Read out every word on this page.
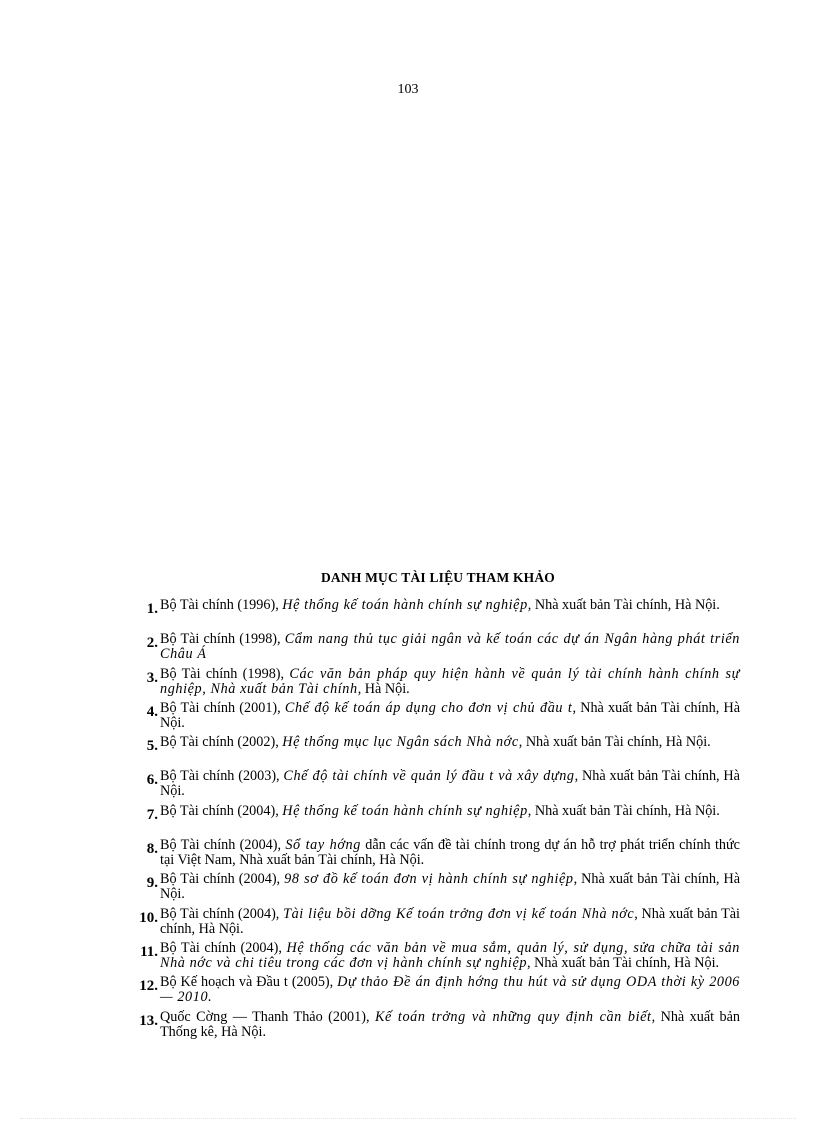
103
DANH MỤC TÀI LIỆU THAM KHẢO
1. Bộ Tài chính (1996), Hệ thống kế toán hành chính sự nghiệp, Nhà xuất bản Tài chính, Hà Nội.
2. Bộ Tài chính (1998), Cẩm nang thủ tục giải ngân và kế toán các dự án Ngân hàng phát triển Châu Á
3. Bộ Tài chính (1998), Các văn bản pháp quy hiện hành về quản lý tài chính hành chính sự nghiệp, Nhà xuất bản Tài chính, Hà Nội.
4. Bộ Tài chính (2001), Chế độ kế toán áp dụng cho đơn vị chủ đầu t, Nhà xuất bản Tài chính, Hà Nội.
5. Bộ Tài chính (2002), Hệ thống mục lục Ngân sách Nhà nớc, Nhà xuất bản Tài chính, Hà Nội.
6. Bộ Tài chính (2003), Chế độ tài chính về quản lý đầu t và xây dựng, Nhà xuất bản Tài chính, Hà Nội.
7. Bộ Tài chính (2004), Hệ thống kế toán hành chính sự nghiệp, Nhà xuất bản Tài chính, Hà Nội.
8. Bộ Tài chính (2004), Sổ tay hớng dẫn các vấn đề tài chính trong dự án hỗ trợ phát triển chính thức tại Việt Nam, Nhà xuất bản Tài chính, Hà Nội.
9. Bộ Tài chính (2004), 98 sơ đồ kế toán đơn vị hành chính sự nghiệp, Nhà xuất bản Tài chính, Hà Nội.
10. Bộ Tài chính (2004), Tài liệu bồi dỡng Kế toán trởng đơn vị kế toán Nhà nớc, Nhà xuất bản Tài chính, Hà Nội.
11. Bộ Tài chính (2004), Hệ thống các văn bản về mua sắm, quản lý, sử dụng, sửa chữa tài sản Nhà nớc và chi tiêu trong các đơn vị hành chính sự nghiệp, Nhà xuất bản Tài chính, Hà Nội.
12. Bộ Kế hoạch và Đầu t (2005), Dự thảo Đề án định hớng thu hút và sử dụng ODA thời kỳ 2006 — 2010.
13. Quốc Cờng — Thanh Thảo (2001), Kế toán trởng và những quy định cần biết, Nhà xuất bản Thống kê, Hà Nội.
